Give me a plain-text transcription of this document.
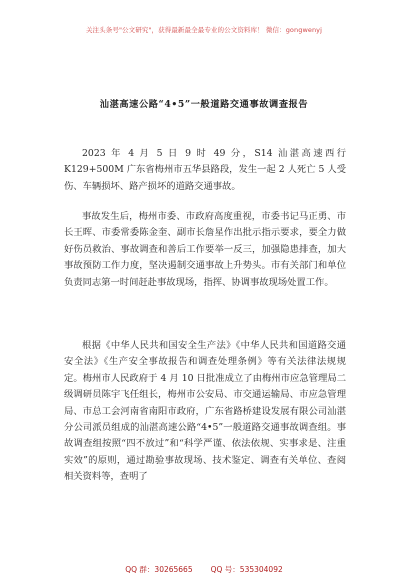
关注头条号"公文研究"，获得最新最全最专业的公文资料库！ 微信：gongwenyj
汕湛高速公路“4•5”一般道路交通事故调查报告
2023 年 4 月 5 日 9 时 49 分，S14 汕湛高速西行K129+500M 广东省梅州市五华县路段，发生一起 2 人死亡 5 人受伤、车辆损坏、路产损坏的道路交通事故。
事故发生后，梅州市委、市政府高度重视，市委书记马正勇、市长王晖、市委常委陈金奎、副市长詹星作出批示指示要求，要全力做好伤员救治、事故调查和善后工作要举一反三，加强隐患排查，加大事故预防工作力度，坚决遏制交通事故上升势头。市有关部门和单位负责同志第一时间赶赴事故现场，指挥、协调事故现场处置工作。
根据《中华人民共和国安全生产法》《中华人民共和国道路交通安全法》《生产安全事故报告和调查处理条例》等有关法律法规规定。梅州市人民政府于 4 月 10 日批准成立了由梅州市应急管理局二级调研员陈宇飞任组长，梅州市公安局、市交通运输局、市应急管理局、市总工会河南省南阳市政府，广东省路桥建设发展有限公司汕湛分公司派员组成的汕湛高速公路“4•5”一般道路交通事故调查组。事故调查组按照“四不放过”和“科学严谨、依法依规、实事求是、注重实效”的原则，通过勘验事故现场、技术鉴定、调查有关单位、查阅相关资料等，查明了
QQ 群：30265665 QQ 号：535304092
